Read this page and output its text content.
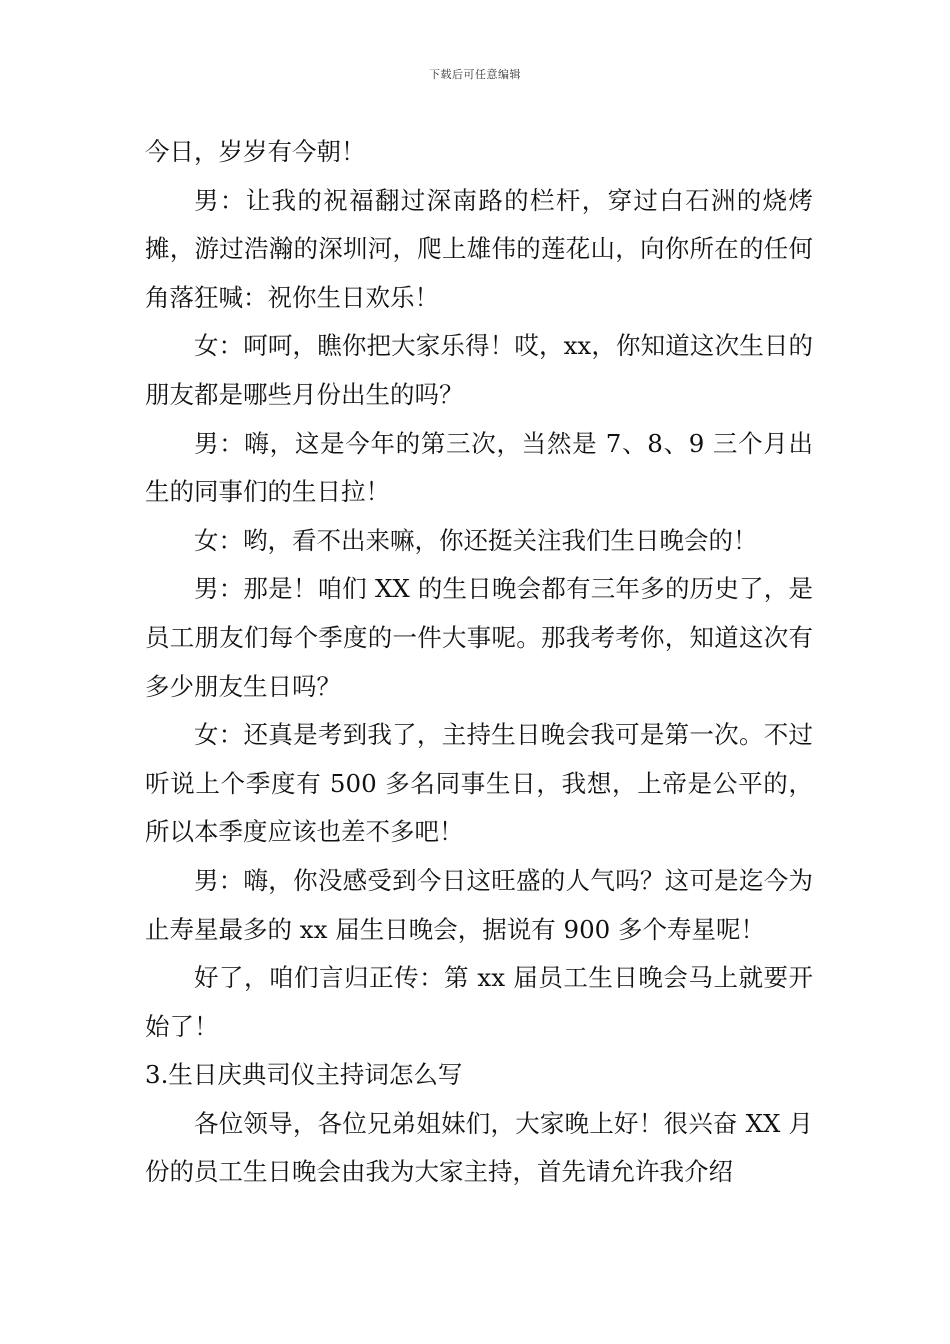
下载后可任意编辑

今日，岁岁有今朝！

男：让我的祝福翻过深南路的栏杆，穿过白石洲的烧烤摊，游过浩瀚的深圳河，爬上雄伟的莲花山，向你所在的任何角落狂喊：祝你生日欢乐！

女：呵呵，瞧你把大家乐得！哎，xx，你知道这次生日的朋友都是哪些月份出生的吗？

男：嗨，这是今年的第三次，当然是 7、8、9 三个月出生的同事们的生日拉！

女：哟，看不出来嘛，你还挺关注我们生日晚会的！

男：那是！咱们 XX 的生日晚会都有三年多的历史了，是员工朋友们每个季度的一件大事呢。那我考考你，知道这次有多少朋友生日吗？

女：还真是考到我了，主持生日晚会我可是第一次。不过听说上个季度有 500 多名同事生日，我想，上帝是公平的，所以本季度应该也差不多吧！

男：嗨，你没感受到今日这旺盛的人气吗？这可是迄今为止寿星最多的 xx 届生日晚会，据说有 900 多个寿星呢！

好了，咱们言归正传：第 xx 届员工生日晚会马上就要开始了！

3.生日庆典司仪主持词怎么写

各位领导，各位兄弟姐妹们，大家晚上好！很兴奋 XX 月份的员工生日晚会由我为大家主持，首先请允许我介绍
